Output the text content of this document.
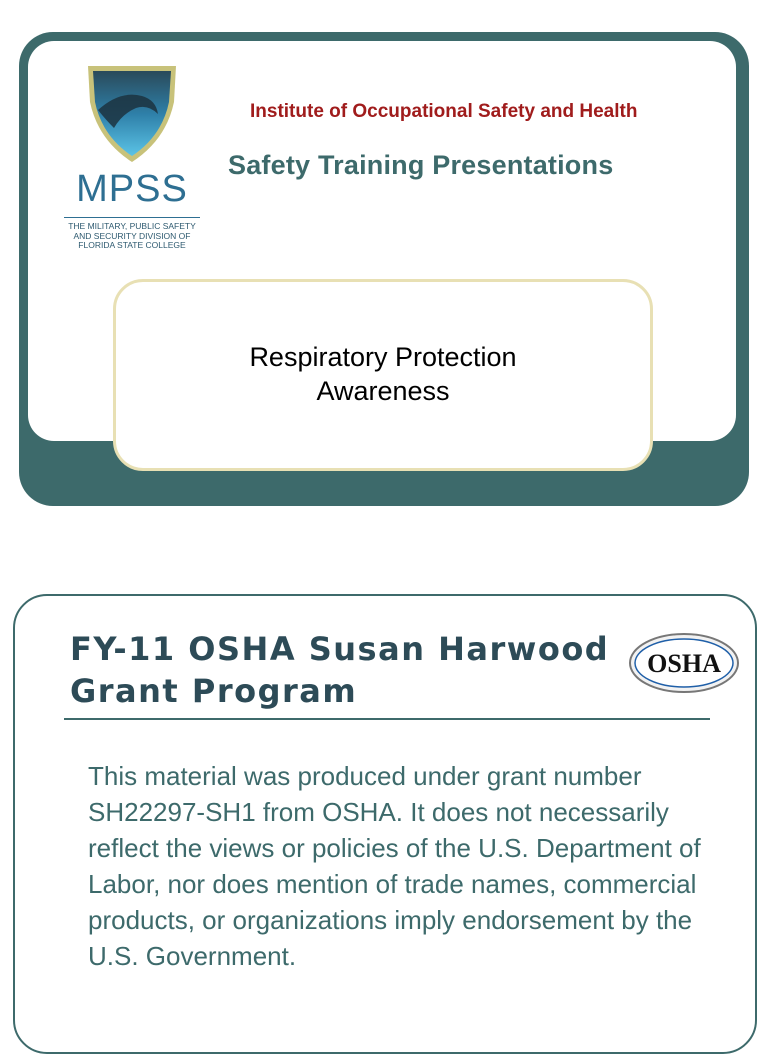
MPSS
THE MILITARY, PUBLIC SAFETY AND SECURITY DIVISION OF FLORIDA STATE COLLEGE
Institute of Occupational Safety and Health
Safety Training Presentations
Respiratory Protection
Awareness
FY-11 OSHA Susan Harwood
Grant Program
OSHA
This material was produced under grant number SH22297-SH1 from OSHA. It does not necessarily reflect the views or policies of the U.S. Department of Labor, nor does mention of trade names, commercial products, or organizations imply endorsement by the U.S. Government.
